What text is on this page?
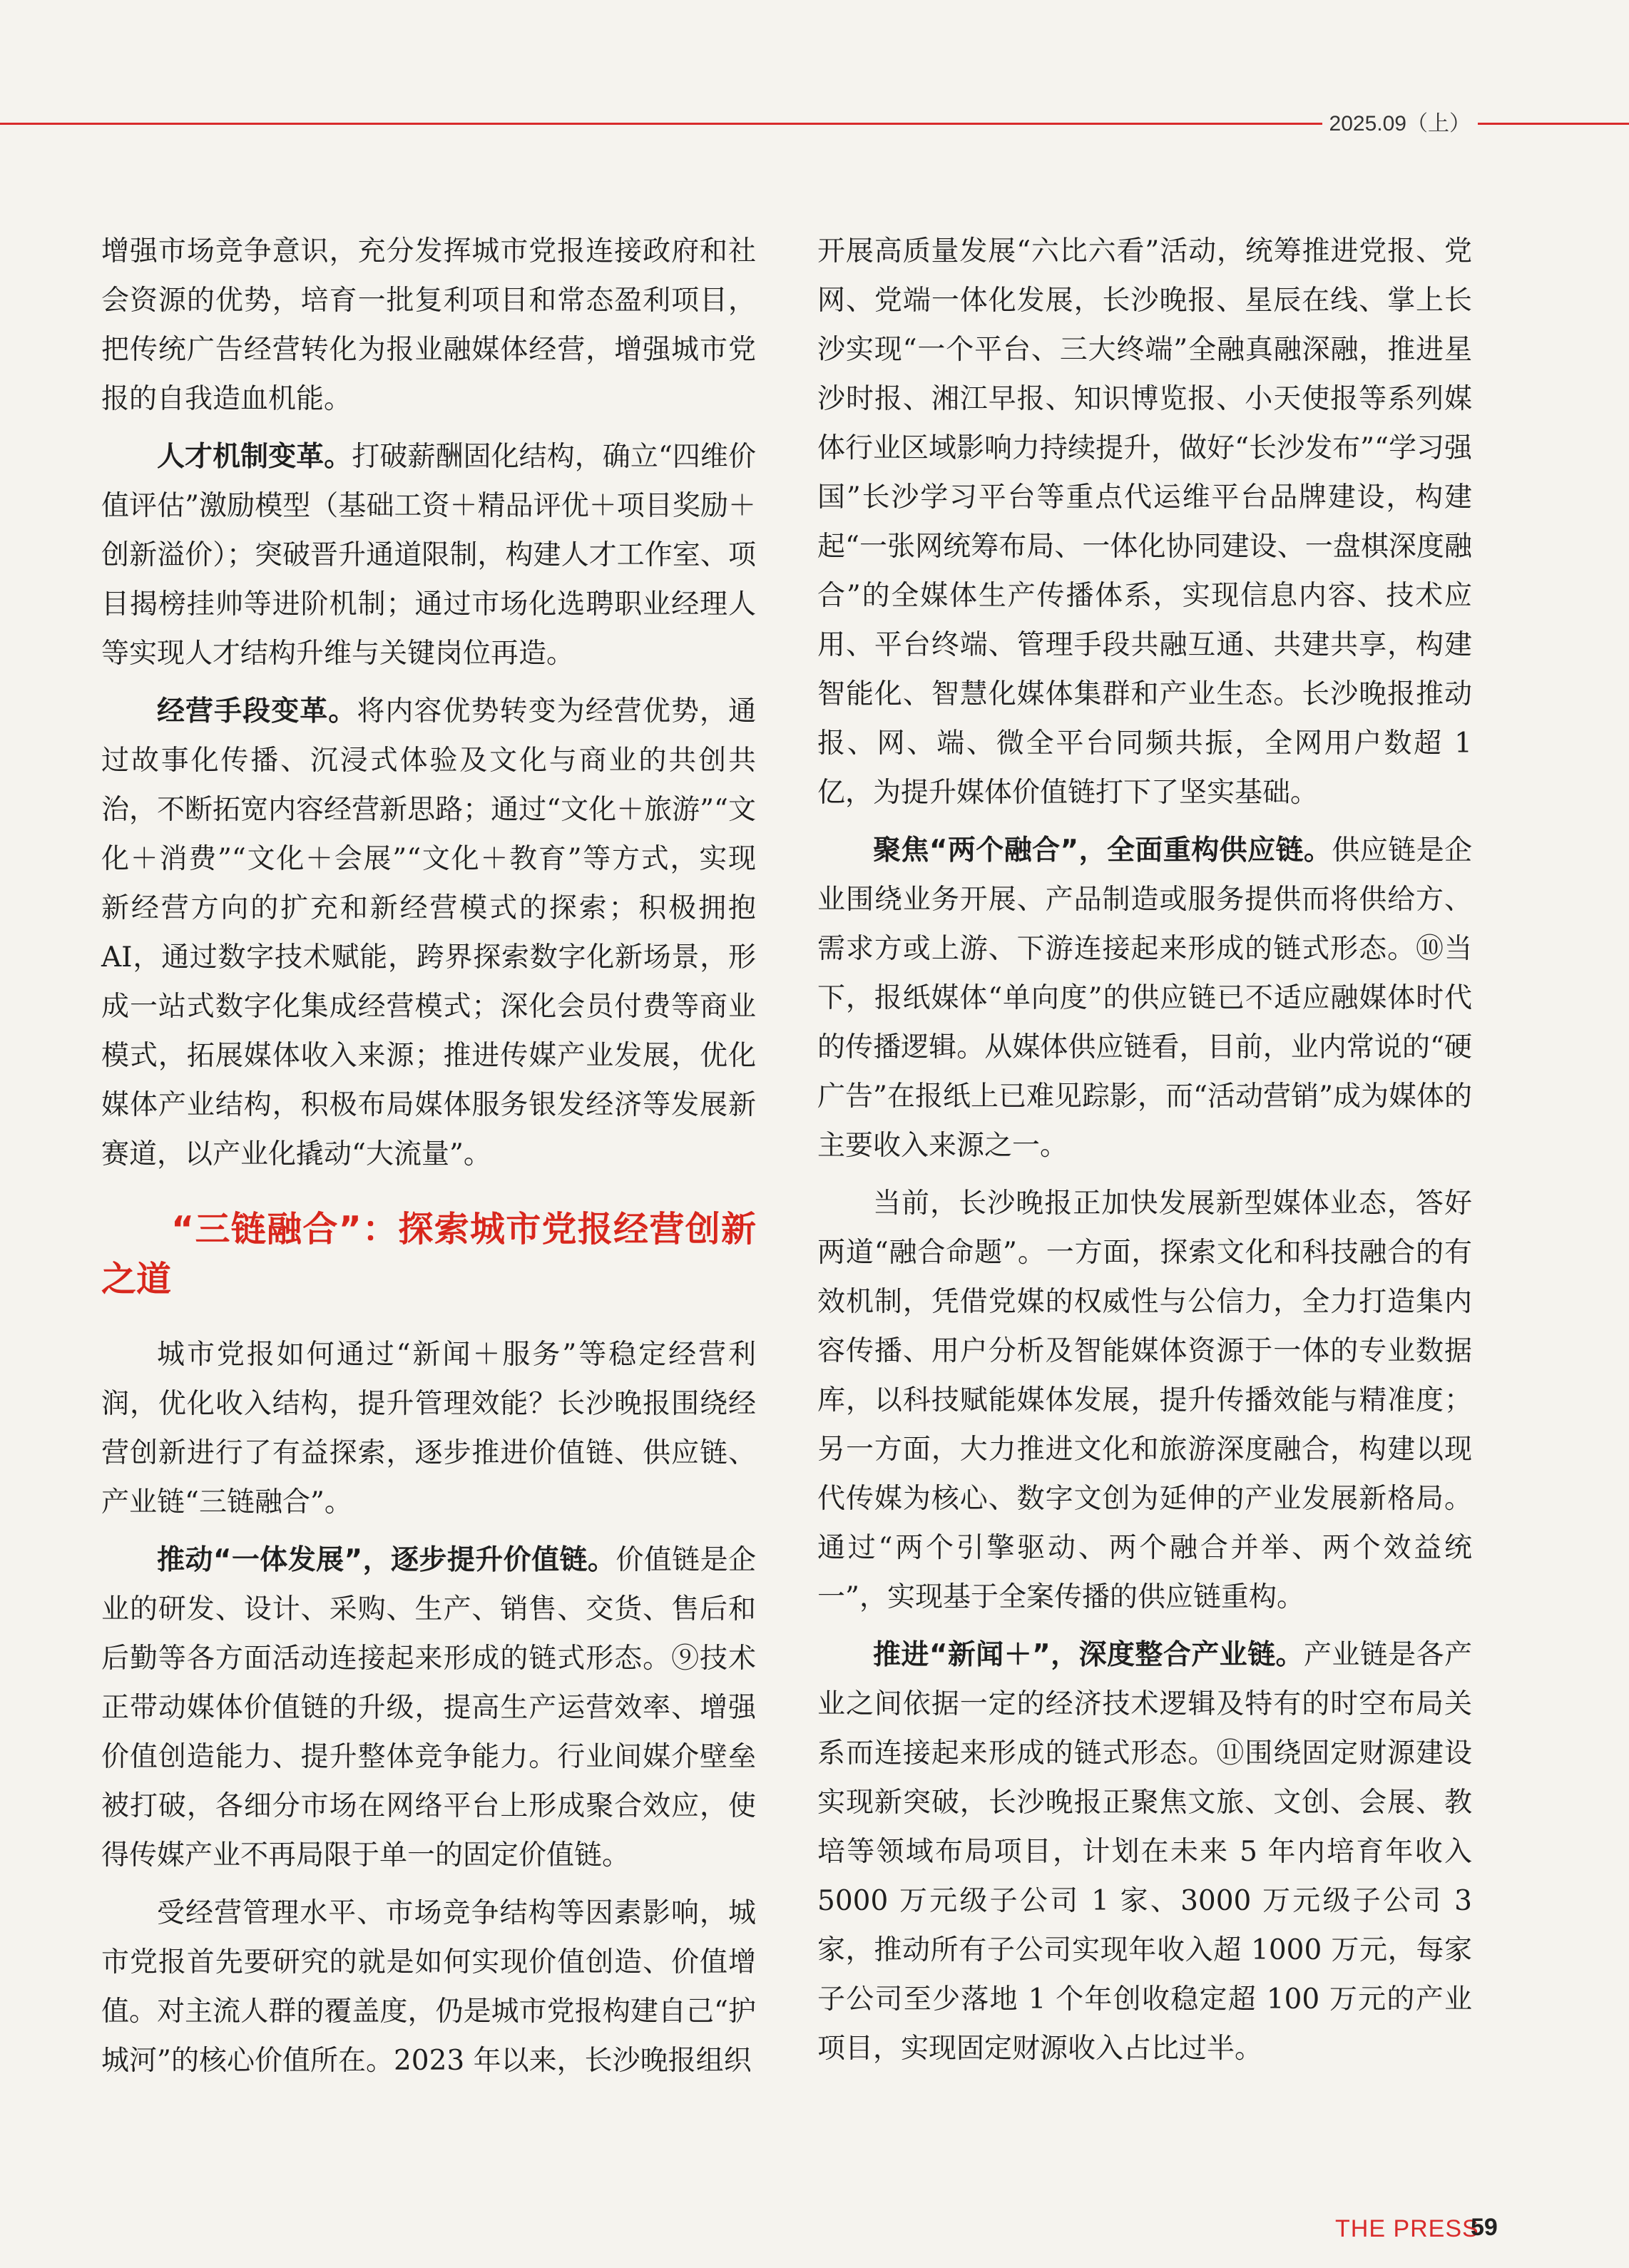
2025.09（上）

增强市场竞争意识，充分发挥城市党报连接政府和社会资源的优势，培育一批复利项目和常态盈利项目，把传统广告经营转化为报业融媒体经营，增强城市党报的自我造血机能。

人才机制变革。打破薪酬固化结构，确立“四维价值评估”激励模型（基础工资＋精品评优＋项目奖励＋创新溢价）；突破晋升通道限制，构建人才工作室、项目揭榜挂帅等进阶机制；通过市场化选聘职业经理人等实现人才结构升维与关键岗位再造。

经营手段变革。将内容优势转变为经营优势，通过故事化传播、沉浸式体验及文化与商业的共创共治，不断拓宽内容经营新思路；通过“文化＋旅游”“文化＋消费”“文化＋会展”“文化＋教育”等方式，实现新经营方向的扩充和新经营模式的探索；积极拥抱 AI，通过数字技术赋能，跨界探索数字化新场景，形成一站式数字化集成经营模式；深化会员付费等商业模式，拓展媒体收入来源；推进传媒产业发展，优化媒体产业结构，积极布局媒体服务银发经济等发展新赛道，以产业化撬动“大流量”。

“三链融合”：探索城市党报经营创新之道

城市党报如何通过“新闻＋服务”等稳定经营利润，优化收入结构，提升管理效能？长沙晚报围绕经营创新进行了有益探索，逐步推进价值链、供应链、产业链“三链融合”。

推动“一体发展”，逐步提升价值链。价值链是企业的研发、设计、采购、生产、销售、交货、售后和后勤等各方面活动连接起来形成的链式形态。⑨技术正带动媒体价值链的升级，提高生产运营效率、增强价值创造能力、提升整体竞争能力。行业间媒介壁垒被打破，各细分市场在网络平台上形成聚合效应，使得传媒产业不再局限于单一的固定价值链。

受经营管理水平、市场竞争结构等因素影响，城市党报首先要研究的就是如何实现价值创造、价值增值。对主流人群的覆盖度，仍是城市党报构建自己“护城河”的核心价值所在。2023 年以来，长沙晚报组织

开展高质量发展“六比六看”活动，统筹推进党报、党网、党端一体化发展，长沙晚报、星辰在线、掌上长沙实现“一个平台、三大终端”全融真融深融，推进星沙时报、湘江早报、知识博览报、小天使报等系列媒体行业区域影响力持续提升，做好“长沙发布”“学习强国”长沙学习平台等重点代运维平台品牌建设，构建起“一张网统筹布局、一体化协同建设、一盘棋深度融合”的全媒体生产传播体系，实现信息内容、技术应用、平台终端、管理手段共融互通、共建共享，构建智能化、智慧化媒体集群和产业生态。长沙晚报推动报、网、端、微全平台同频共振，全网用户数超 1 亿，为提升媒体价值链打下了坚实基础。

聚焦“两个融合”，全面重构供应链。供应链是企业围绕业务开展、产品制造或服务提供而将供给方、需求方或上游、下游连接起来形成的链式形态。⑩当下，报纸媒体“单向度”的供应链已不适应融媒体时代的传播逻辑。从媒体供应链看，目前，业内常说的“硬广告”在报纸上已难见踪影，而“活动营销”成为媒体的主要收入来源之一。

当前，长沙晚报正加快发展新型媒体业态，答好两道“融合命题”。一方面，探索文化和科技融合的有效机制，凭借党媒的权威性与公信力，全力打造集内容传播、用户分析及智能媒体资源于一体的专业数据库，以科技赋能媒体发展，提升传播效能与精准度；另一方面，大力推进文化和旅游深度融合，构建以现代传媒为核心、数字文创为延伸的产业发展新格局。通过“两个引擎驱动、两个融合并举、两个效益统一”，实现基于全案传播的供应链重构。

推进“新闻＋”，深度整合产业链。产业链是各产业之间依据一定的经济技术逻辑及特有的时空布局关系而连接起来形成的链式形态。⑪围绕固定财源建设实现新突破，长沙晚报正聚焦文旅、文创、会展、教培等领域布局项目，计划在未来 5 年内培育年收入 5000 万元级子公司 1 家、3000 万元级子公司 3 家，推动所有子公司实现年收入超 1000 万元，每家子公司至少落地 1 个年创收稳定超 100 万元的产业项目，实现固定财源收入占比过半。

THE PRESS
59
